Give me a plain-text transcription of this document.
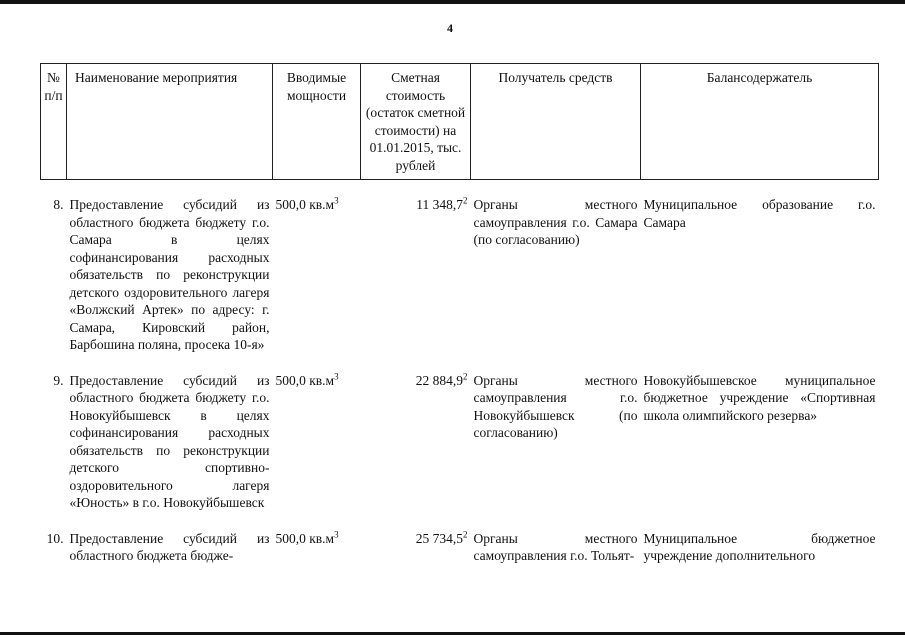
4
№ п/п	Наименование мероприятия	Вводимые мощности	Сметная стоимость (остаток сметной стоимости) на 01.01.2015, тыс. рублей	Получатель средств	Балансодержатель

8.	Предоставление субсидий из областного бюджета бюджету г.о. Самара в целях софинансирования расходных обязательств по реконструкции детского оздоровительного лагеря «Волжский Артек» по адресу: г. Самара, Кировский район, Барбошина поляна, просека 10-я»	500,0 $кв.м^3$	11 348,7$^2$	Органы местного самоуправления г.о. Самара (по согласованию)	Муниципальное образование г.о. Самара

9.	Предоставление субсидий из областного бюджета бюджету г.о. Новокуйбышевск в целях софинансирования расходных обязательств по реконструкции детского спортивно-оздоровительного лагеря «Юность» в г.о. Новокуйбышевск	500,0 $кв.м^3$	22 884,9$^2$	Органы местного самоуправления г.о. Новокуйбышевск (по согласованию)	Новокуйбышевское муниципальное бюджетное учреждение «Спортивная школа олимпийского резерва»

10.	Предоставление субсидий из областного бюджета бюдже-	500,0 $кв.м^3$	25 734,5$^2$	Органы местного самоуправления г.о. Тольят-	Муниципальное бюджетное учреждение дополнительного
